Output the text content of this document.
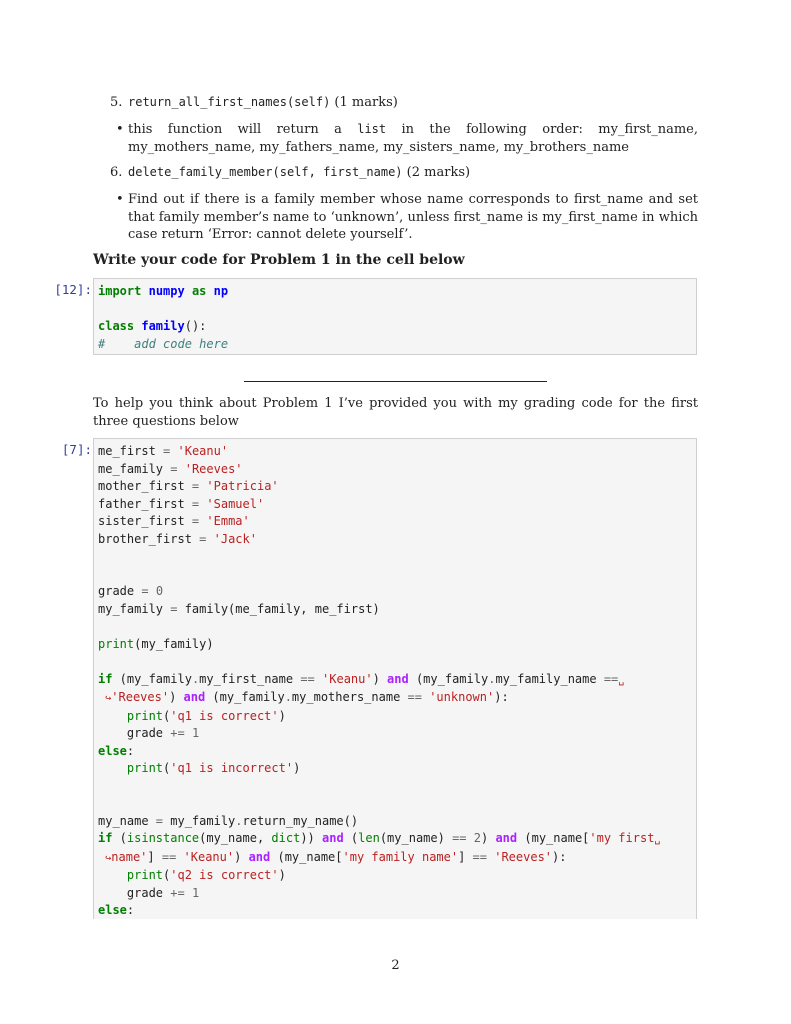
5. return_all_first_names(self) (1 marks)
• this function will return a list in the following order: my_first_name, my_mothers_name, my_fathers_name, my_sisters_name, my_brothers_name
6. delete_family_member(self, first_name) (2 marks)
• Find out if there is a family member whose name corresponds to first_name and set that family member’s name to ‘unknown’, unless first_name is my_first_name in which case return ‘Error: cannot delete yourself’.
Write your code for Problem 1 in the cell below
[12]: import numpy as np

class family():
#    add code here
To help you think about Problem 1 I’ve provided you with my grading code for the first three questions below
[7]: me_first = 'Keanu'
me_family = 'Reeves'
mother_first = 'Patricia'
father_first = 'Samuel'
sister_first = 'Emma'
brother_first = 'Jack'

grade = 0
my_family = family(me_family, me_first)

print(my_family)

if (my_family.my_first_name == 'Keanu') and (my_family.my_family_name ==␣
↪'Reeves') and (my_family.my_mothers_name == 'unknown'):
print('q1 is correct')
grade += 1
else:
print('q1 is incorrect')

my_name = my_family.return_my_name()
if (isinstance(my_name, dict)) and (len(my_name) == 2) and (my_name['my first␣
↪name'] == 'Keanu') and (my_name['my family name'] == 'Reeves'):
print('q2 is correct')
grade += 1
else:
2
